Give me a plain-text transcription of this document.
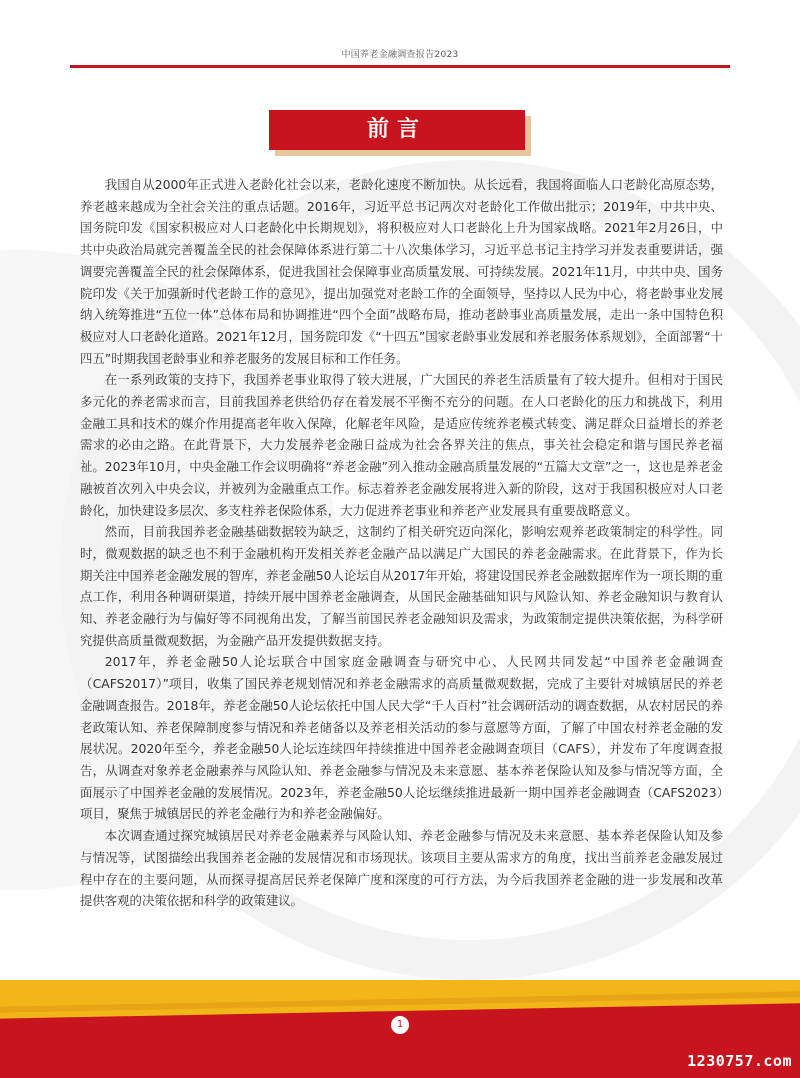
中国养老金融调查报告2023
前言

我国自从2000年正式进入老龄化社会以来，老龄化速度不断加快。从长远看，我国将面临人口老龄化高原态势，养老越来越成为全社会关注的重点话题。2016年，习近平总书记两次对老龄化工作做出批示；2019年，中共中央、国务院印发《国家积极应对人口老龄化中长期规划》，将积极应对人口老龄化上升为国家战略。2021年2月26日，中共中央政治局就完善覆盖全民的社会保障体系进行第二十八次集体学习，习近平总书记主持学习并发表重要讲话，强调要完善覆盖全民的社会保障体系，促进我国社会保障事业高质量发展、可持续发展。2021年11月，中共中央、国务院印发《关于加强新时代老龄工作的意见》，提出加强党对老龄工作的全面领导，坚持以人民为中心，将老龄事业发展纳入统筹推进“五位一体”总体布局和协调推进“四个全面”战略布局，推动老龄事业高质量发展，走出一条中国特色积极应对人口老龄化道路。2021年12月，国务院印发《“十四五”国家老龄事业发展和养老服务体系规划》，全面部署“十四五”时期我国老龄事业和养老服务的发展目标和工作任务。

在一系列政策的支持下，我国养老事业取得了较大进展，广大国民的养老生活质量有了较大提升。但相对于国民多元化的养老需求而言，目前我国养老供给仍存在着发展不平衡不充分的问题。在人口老龄化的压力和挑战下，利用金融工具和技术的媒介作用提高老年收入保障，化解老年风险，是适应传统养老模式转变、满足群众日益增长的养老需求的必由之路。在此背景下，大力发展养老金融日益成为社会各界关注的焦点，事关社会稳定和谐与国民养老福祉。2023年10月，中央金融工作会议明确将“养老金融”列入推动金融高质量发展的“五篇大文章”之一，这也是养老金融被首次列入中央会议，并被列为金融重点工作。标志着养老金融发展将进入新的阶段，这对于我国积极应对人口老龄化，加快建设多层次、多支柱养老保险体系，大力促进养老事业和养老产业发展具有重要战略意义。

然而，目前我国养老金融基础数据较为缺乏，这制约了相关研究迈向深化，影响宏观养老政策制定的科学性。同时，微观数据的缺乏也不利于金融机构开发相关养老金融产品以满足广大国民的养老金融需求。在此背景下，作为长期关注中国养老金融发展的智库，养老金融50人论坛自从2017年开始，将建设国民养老金融数据库作为一项长期的重点工作，利用各种调研渠道，持续开展中国养老金融调查，从国民金融基础知识与风险认知、养老金融知识与教育认知、养老金融行为与偏好等不同视角出发，了解当前国民养老金融知识及需求，为政策制定提供决策依据，为科学研究提供高质量微观数据，为金融产品开发提供数据支持。

2017年，养老金融50人论坛联合中国家庭金融调查与研究中心、人民网共同发起“中国养老金融调查（CAFS2017）”项目，收集了国民养老规划情况和养老金融需求的高质量微观数据，完成了主要针对城镇居民的养老金融调查报告。2018年，养老金融50人论坛依托中国人民大学“千人百村”社会调研活动的调查数据，从农村居民的养老政策认知、养老保障制度参与情况和养老储备以及养老相关活动的参与意愿等方面，了解了中国农村养老金融的发展状况。2020年至今，养老金融50人论坛连续四年持续推进中国养老金融调查项目（CAFS），并发布了年度调查报告，从调查对象养老金融素养与风险认知、养老金融参与情况及未来意愿、基本养老保险认知及参与情况等方面，全面展示了中国养老金融的发展情况。2023年，养老金融50人论坛继续推进最新一期中国养老金融调查（CAFS2023）项目，聚焦于城镇居民的养老金融行为和养老金融偏好。

本次调查通过探究城镇居民对养老金融素养与风险认知、养老金融参与情况及未来意愿、基本养老保险认知及参与情况等，试图描绘出我国养老金融的发展情况和市场现状。该项目主要从需求方的角度，找出当前养老金融发展过程中存在的主要问题，从而探寻提高居民养老保障广度和深度的可行方法，为今后我国养老金融的进一步发展和改革提供客观的决策依据和科学的政策建议。

1
1230757.com
